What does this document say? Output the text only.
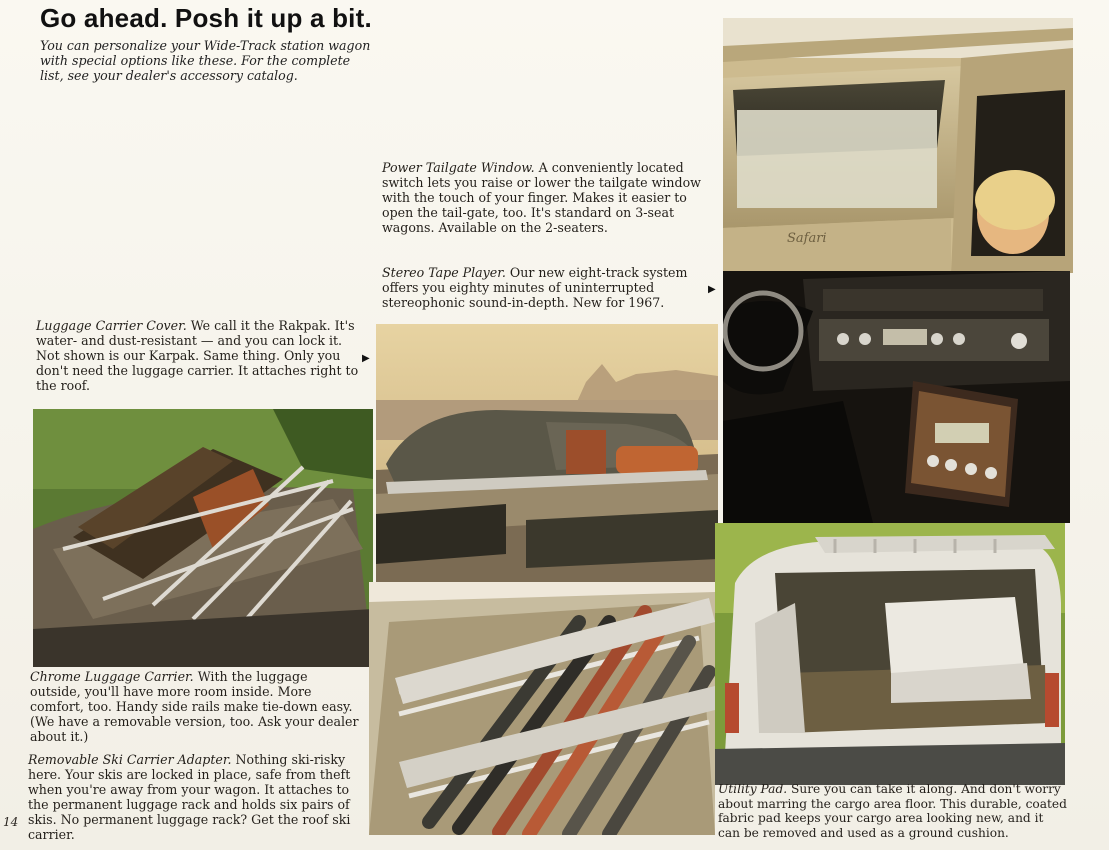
Go ahead. Posh it up a bit.

You can personalize your Wide-Track station wagon with special options like these. For the complete list, see your dealer's accessory catalog.

Safari

Power Tailgate Window. A conveniently located switch lets you raise or lower the tailgate window with the touch of your finger. Makes it easier to open the tail-gate, too. It's standard on 3-seat wagons. Available on the 2-seaters.

Stereo Tape Player. Our new eight-track system offers you eighty minutes of uninterrupted stereophonic sound-in-depth. New for 1967.

▶

Luggage Carrier Cover. We call it the Rakpak. It's water- and dust-resistant — and you can lock it. Not shown is our Karpak. Same thing. Only you don't need the luggage carrier. It attaches right to the roof.

▶

Chrome Luggage Carrier. With the luggage outside, you'll have more room inside. More comfort, too. Handy side rails make tie-down easy. (We have a removable version, too. Ask your dealer about it.)

Removable Ski Carrier Adapter. Nothing ski-risky here. Your skis are locked in place, safe from theft when you're away from your wagon. It attaches to the permanent luggage rack and holds six pairs of skis. No permanent luggage rack? Get the roof ski carrier.

Utility Pad. Sure you can take it along. And don't worry about marring the cargo area floor. This durable, coated fabric pad keeps your cargo area looking new, and it can be removed and used as a ground cushion.

14
